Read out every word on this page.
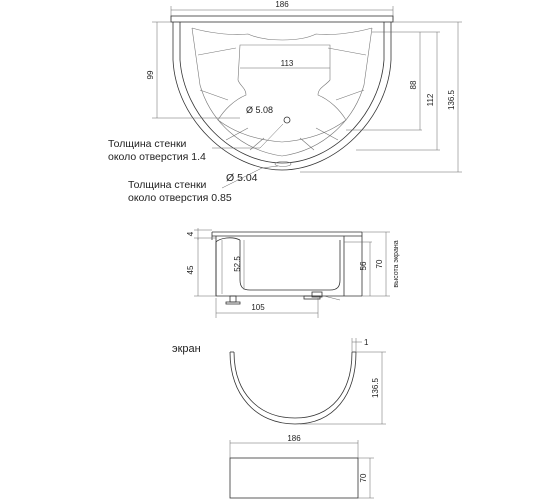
186
113
Ø 5.08
99
88
112 136.5
Толщина стенки
около отверстия 1.4
Ø 5.04
Толщина стенки
около отверстия 0.85
4
45	52.5	56 70 высота экрана
105
экран
1
136.5
186
70
